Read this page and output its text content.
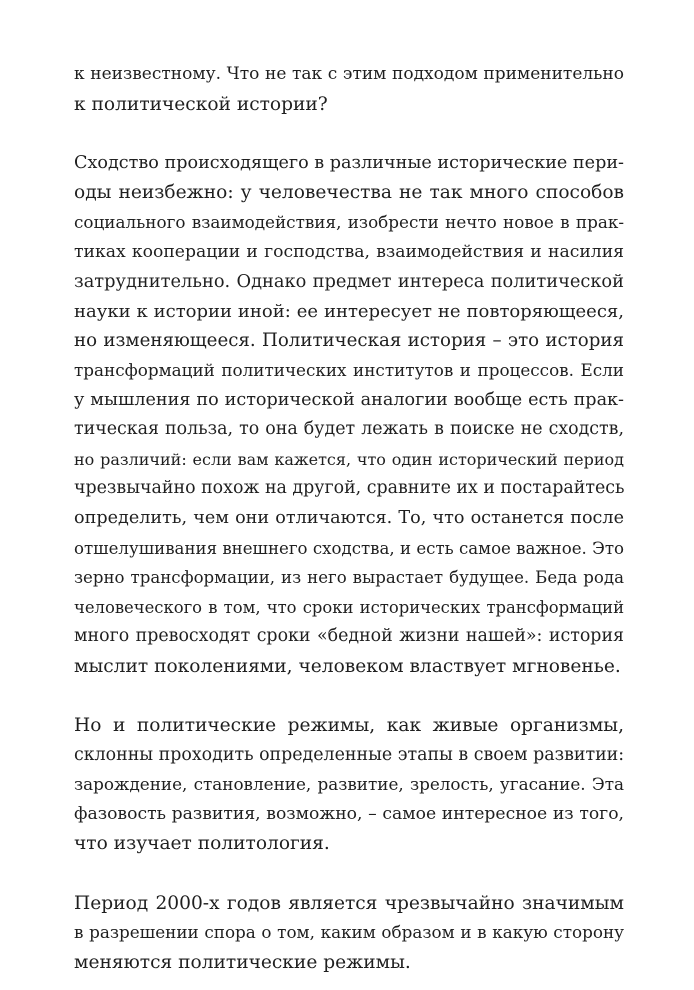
к неизвестному. Что не так с этим подходом применительно
к политической истории?
Сходство происходящего в различные исторические пери-
оды неизбежно: у человечества не так много способов
социального взаимодействия, изобрести нечто новое в прак-
тиках кооперации и господства, взаимодействия и насилия
затруднительно. Однако предмет интереса политической
науки к истории иной: ее интересует не повторяющееся,
но изменяющееся. Политическая история – это история
трансформаций политических институтов и процессов. Если
у мышления по исторической аналогии вообще есть прак-
тическая польза, то она будет лежать в поиске не сходств,
но различий: если вам кажется, что один исторический период
чрезвычайно похож на другой, сравните их и постарайтесь
определить, чем они отличаются. То, что останется после
отшелушивания внешнего сходства, и есть самое важное. Это
зерно трансформации, из него вырастает будущее. Беда рода
человеческого в том, что сроки исторических трансформаций
много превосходят сроки «бедной жизни нашей»: история
мыслит поколениями, человеком властвует мгновенье.
Но и политические режимы, как живые организмы,
склонны проходить определенные этапы в своем развитии:
зарождение, становление, развитие, зрелость, угасание. Эта
фазовость развития, возможно, – самое интересное из того,
что изучает политология.
Период 2000-х годов является чрезвычайно значимым
в разрешении спора о том, каким образом и в какую сторону
меняются политические режимы.
